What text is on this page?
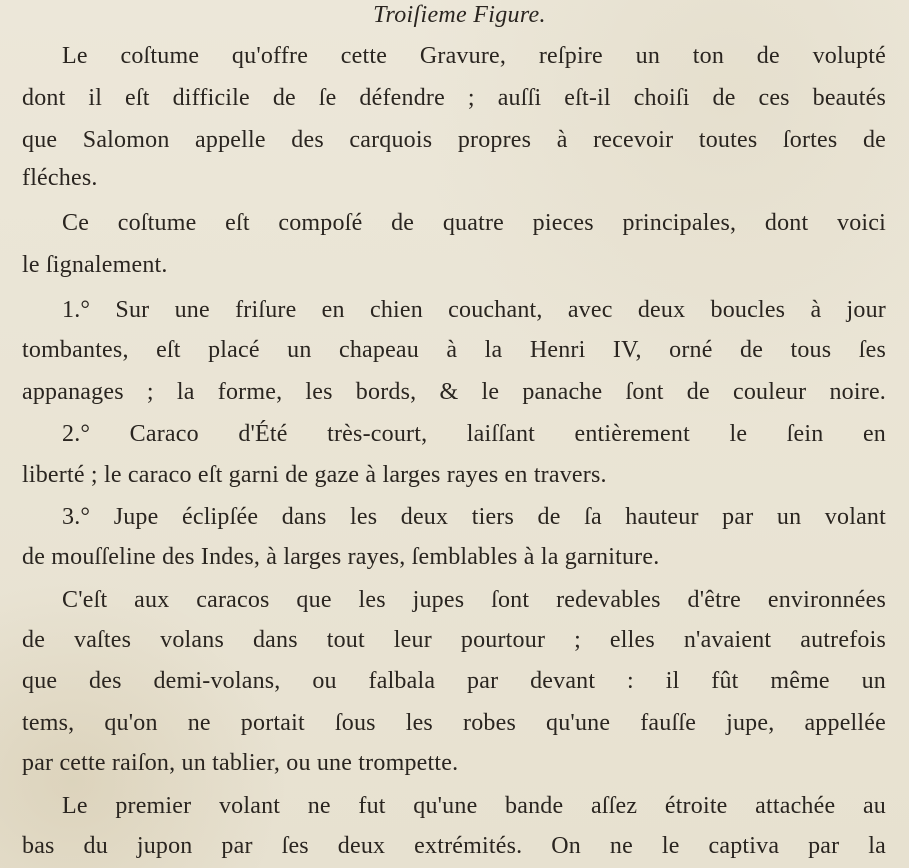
Troiſieme Figure.
Le coſtume qu'offre cette Gravure, reſpire un ton de volupté
dont il eſt difficile de ſe défendre ; auſſi eſt-il choiſi de ces beautés
que Salomon appelle des carquois propres à recevoir toutes ſortes de
fléches.
Ce coſtume eſt compoſé de quatre pieces principales, dont voici
le ſignalement.
1.° Sur une friſure en chien couchant, avec deux boucles à jour
tombantes, eſt placé un chapeau à la Henri IV, orné de tous ſes
appanages ; la forme, les bords, & le panache ſont de couleur noire.
2.° Caraco d'Été très-court, laiſſant entièrement le ſein en
liberté ; le caraco eſt garni de gaze à larges rayes en travers.
3.° Jupe éclipſée dans les deux tiers de ſa hauteur par un volant
de mouſſeline des Indes, à larges rayes, ſemblables à la garniture.
C'eſt aux caracos que les jupes ſont redevables d'être environnées
de vaſtes volans dans tout leur pourtour ; elles n'avaient autrefois
que des demi-volans, ou falbala par devant : il fût même un
tems, qu'on ne portait ſous les robes qu'une fauſſe jupe, appellée
par cette raiſon, un tablier, ou une trompette.
Le premier volant ne fut qu'une bande aſſez étroite attachée au
bas du jupon par ſes deux extrémités. On ne le captiva par la
